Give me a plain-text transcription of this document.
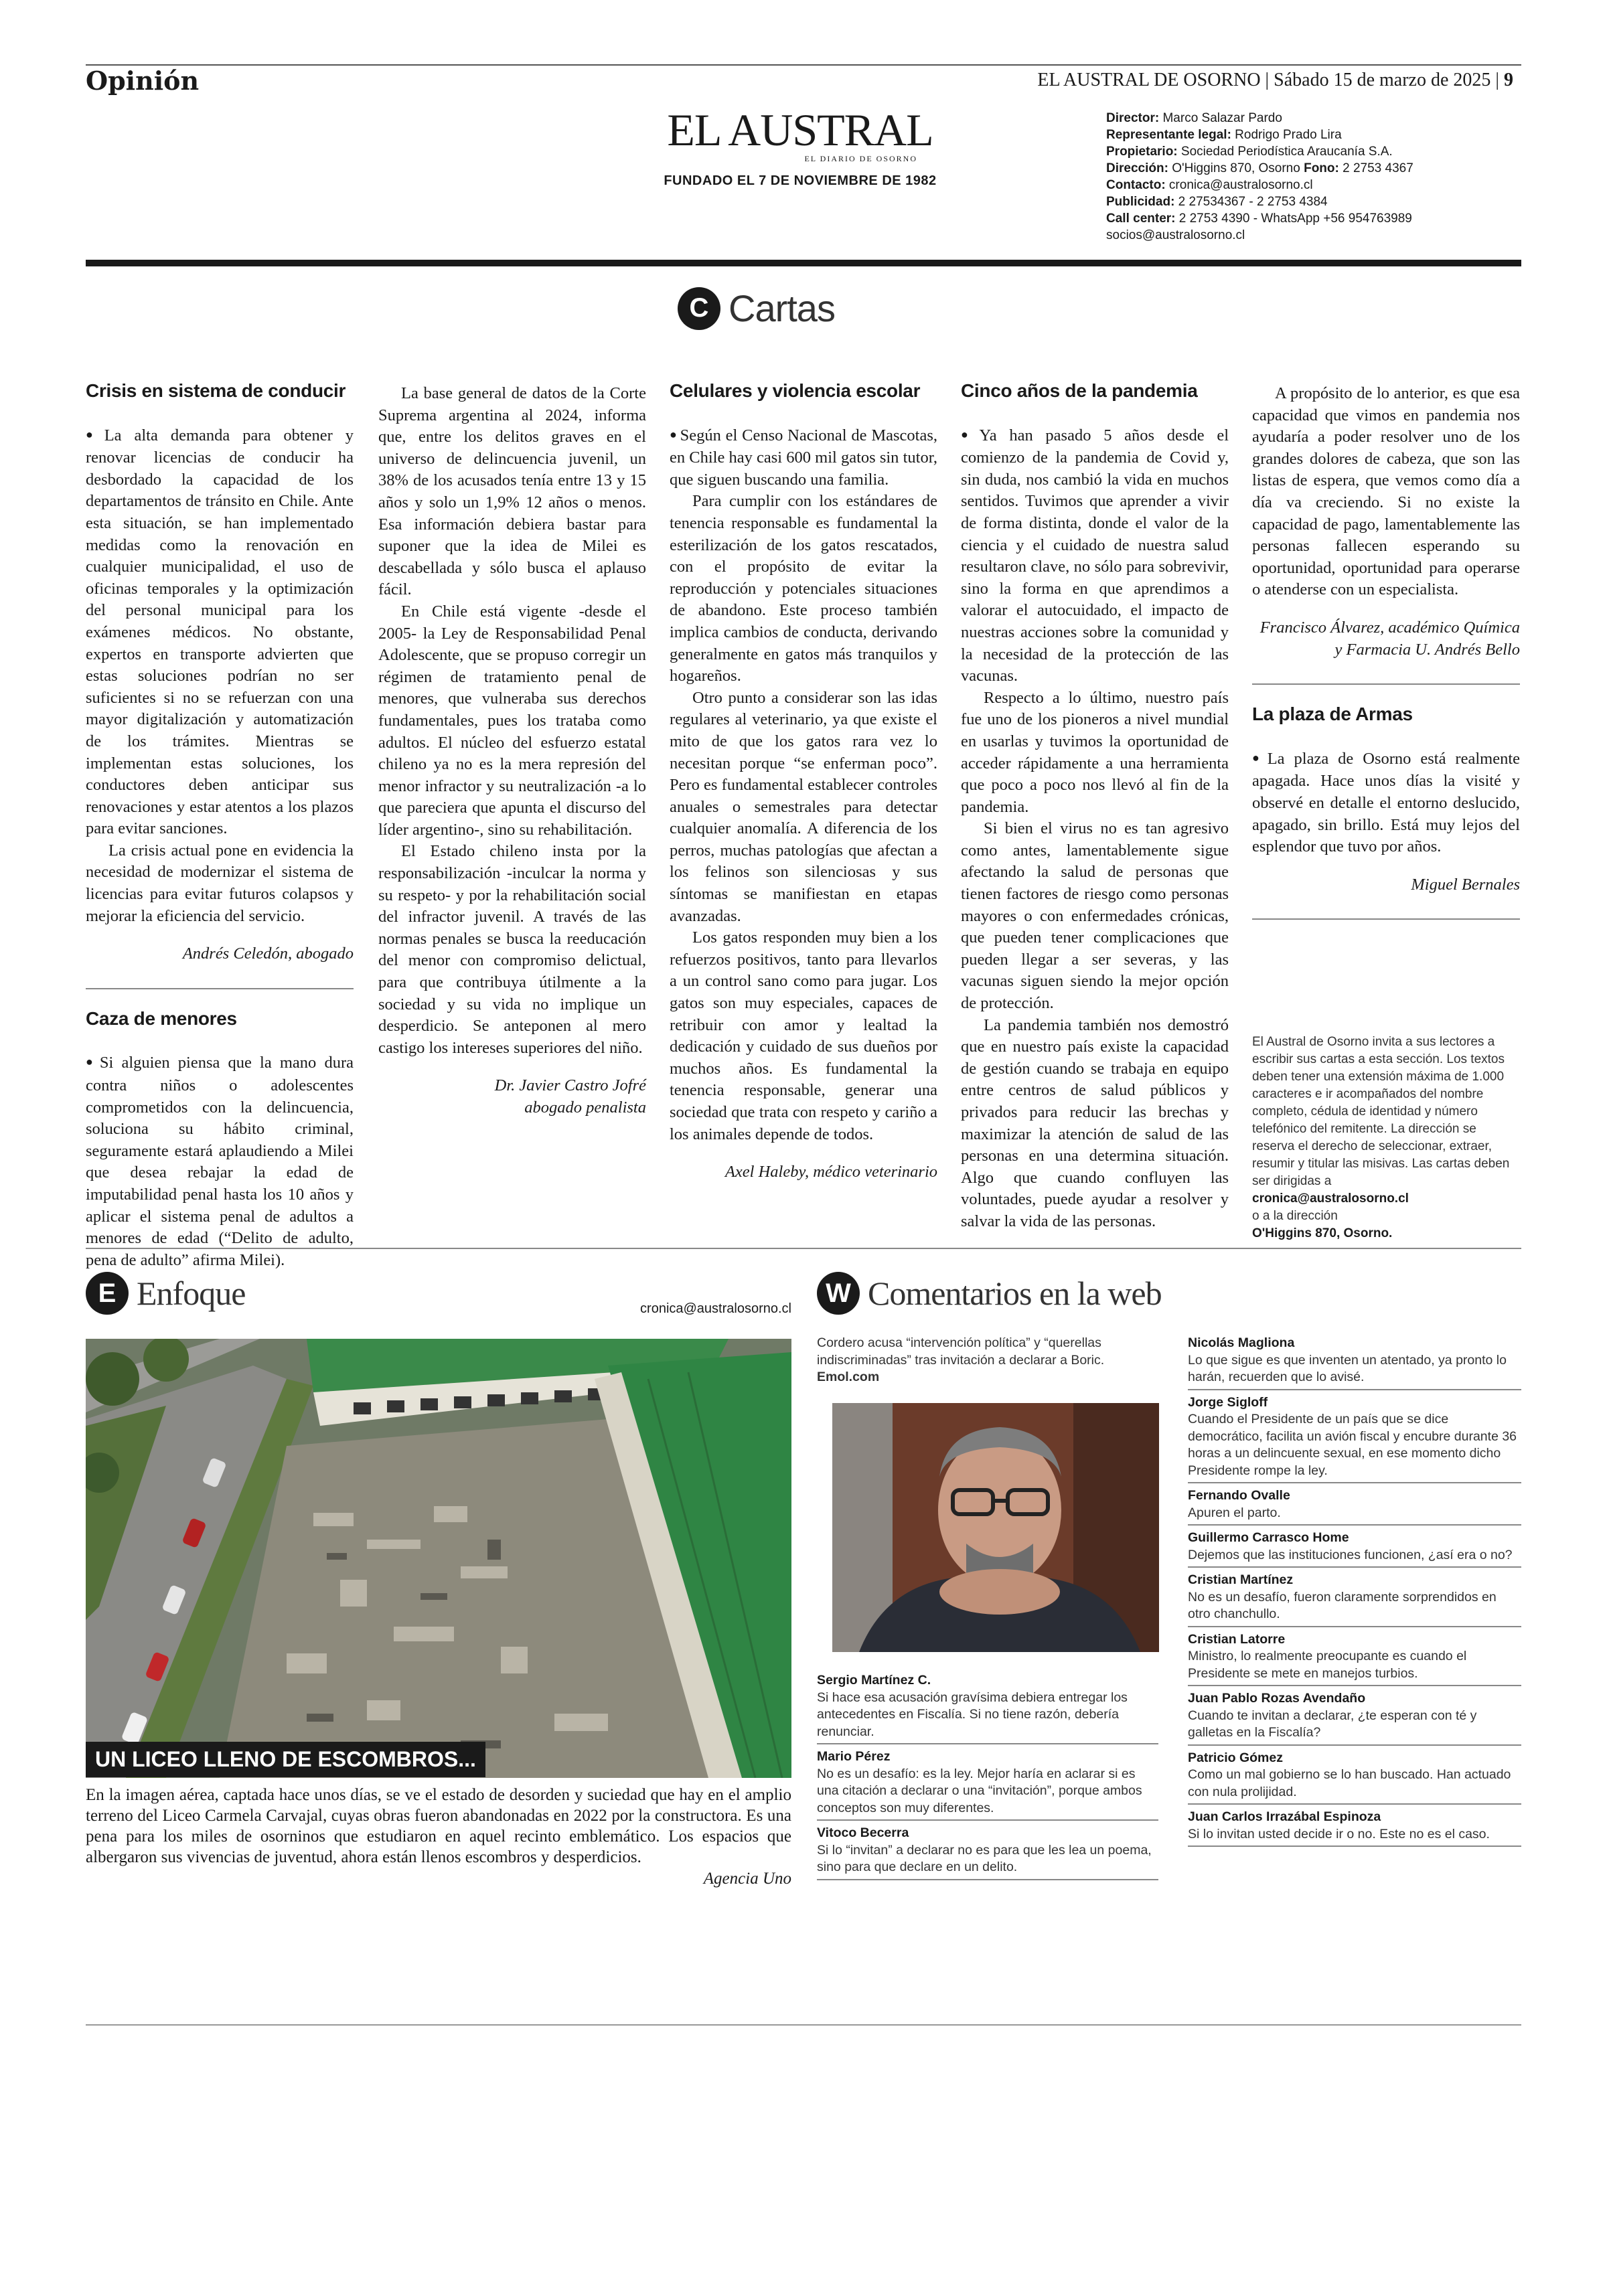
Opinión	EL AUSTRAL DE OSORNO | Sábado 15 de marzo de 2025 | 9
EL AUSTRAL
EL DIARIO DE OSORNO
FUNDADO EL 7 DE NOVIEMBRE DE 1982
Director: Marco Salazar Pardo
Representante legal: Rodrigo Prado Lira
Propietario: Sociedad Periodística Araucanía S.A.
Dirección: O'Higgins 870, Osorno Fono: 2 2753 4367
Contacto: cronica@australosorno.cl
Publicidad: 2 27534367 - 2 2753 4384
Call center: 2 2753 4390 - WhatsApp +56 954763989
socios@australosorno.cl
C Cartas
Crisis en sistema de conducir

● La alta demanda para obtener y renovar licencias de conducir ha desbordado la capacidad de los departamentos de tránsito en Chile. Ante esta situación, se han implementado medidas como la renovación en cualquier municipalidad, el uso de oficinas temporales y la optimización del personal municipal para los exámenes médicos. No obstante, expertos en transporte advierten que estas soluciones podrían no ser suficientes si no se refuerzan con una mayor digitalización y automatización de los trámites. Mientras se implementan estas soluciones, los conductores deben anticipar sus renovaciones y estar atentos a los plazos para evitar sanciones.

La crisis actual pone en evidencia la necesidad de modernizar el sistema de licencias para evitar futuros colapsos y mejorar la eficiencia del servicio.

Andrés Celedón, abogado

Caza de menores

● Si alguien piensa que la mano dura contra niños o adolescentes comprometidos con la delincuencia, soluciona su hábito criminal, seguramente estará aplaudiendo a Milei que desea rebajar la edad de imputabilidad penal hasta los 10 años y aplicar el sistema penal de adultos a menores de edad (“Delito de adulto, pena de adulto” afirma Milei).

La base general de datos de la Corte Suprema argentina al 2024, informa que, entre los delitos graves en el universo de delincuencia juvenil, un 38% de los acusados tenía entre 13 y 15 años y solo un 1,9% 12 años o menos. Esa información debiera bastar para suponer que la idea de Milei es descabellada y sólo busca el aplauso fácil.

En Chile está vigente -desde el 2005- la Ley de Responsabilidad Penal Adolescente, que se propuso corregir un régimen de tratamiento penal de menores, que vulneraba sus derechos fundamentales, pues los trataba como adultos. El núcleo del esfuerzo estatal chileno ya no es la mera represión del menor infractor y su neutralización -a lo que pareciera que apunta el discurso del líder argentino-, sino su rehabilitación.

El Estado chileno insta por la responsabilización -inculcar la norma y su respeto- y por la rehabilitación social del infractor juvenil. A través de las normas penales se busca la reeducación del menor con compromiso delictual, para que contribuya útilmente a la sociedad y su vida no implique un desperdicio. Se anteponen al mero castigo los intereses superiores del niño.

Dr. Javier Castro Jofré
abogado penalista

Celulares y violencia escolar

● Según el Censo Nacional de Mascotas, en Chile hay casi 600 mil gatos sin tutor, que siguen buscando una familia.

Para cumplir con los estándares de tenencia responsable es fundamental la esterilización de los gatos rescatados, con el propósito de evitar la reproducción y potenciales situaciones de abandono. Este proceso también implica cambios de conducta, derivando generalmente en gatos más tranquilos y hogareños.

Otro punto a considerar son las idas regulares al veterinario, ya que existe el mito de que los gatos rara vez lo necesitan porque “se enferman poco”. Pero es fundamental establecer controles anuales o semestrales para detectar cualquier anomalía. A diferencia de los perros, muchas patologías que afectan a los felinos son silenciosas y sus síntomas se manifiestan en etapas avanzadas.

Los gatos responden muy bien a los refuerzos positivos, tanto para llevarlos a un control sano como para jugar. Los gatos son muy especiales, capaces de retribuir con amor y lealtad la dedicación y cuidado de sus dueños por muchos años. Es fundamental la tenencia responsable, generar una sociedad que trata con respeto y cariño a los animales depende de todos.

Axel Haleby, médico veterinario

Cinco años de la pandemia

● Ya han pasado 5 años desde el comienzo de la pandemia de Covid y, sin duda, nos cambió la vida en muchos sentidos. Tuvimos que aprender a vivir de forma distinta, donde el valor de la ciencia y el cuidado de nuestra salud resultaron clave, no sólo para sobrevivir, sino la forma en que aprendimos a valorar el autocuidado, el impacto de nuestras acciones sobre la comunidad y la necesidad de la protección de las vacunas.

Respecto a lo último, nuestro país fue uno de los pioneros a nivel mundial en usarlas y tuvimos la oportunidad de acceder rápidamente a una herramienta que poco a poco nos llevó al fin de la pandemia.

Si bien el virus no es tan agresivo como antes, lamentablemente sigue afectando la salud de personas que tienen factores de riesgo como personas mayores o con enfermedades crónicas, que pueden tener complicaciones que pueden llegar a ser severas, y las vacunas siguen siendo la mejor opción de protección.

La pandemia también nos demostró que en nuestro país existe la capacidad de gestión cuando se trabaja en equipo entre centros de salud públicos y privados para reducir las brechas y maximizar la atención de salud de las personas en una determina situación. Algo que cuando confluyen las voluntades, puede ayudar a resolver y salvar la vida de las personas.

A propósito de lo anterior, es que esa capacidad que vimos en pandemia nos ayudaría a poder resolver uno de los grandes dolores de cabeza, que son las listas de espera, que vemos como día a día va creciendo. Si no existe la capacidad de pago, lamentablemente las personas fallecen esperando su oportunidad, oportunidad para operarse o atenderse con un especialista.

Francisco Álvarez, académico Química y Farmacia U. Andrés Bello

La plaza de Armas

● La plaza de Osorno está realmente apagada. Hace unos días la visité y observé en detalle el entorno deslucido, apagado, sin brillo. Está muy lejos del esplendor que tuvo por años.

Miguel Bernales

El Austral de Osorno invita a sus lectores a escribir sus cartas a esta sección. Los textos deben tener una extensión máxima de 1.000 caracteres e ir acompañados del nombre completo, cédula de identidad y número telefónico del remitente. La dirección se reserva el derecho de seleccionar, extraer, resumir y titular las misivas. Las cartas deben ser dirigidas a
cronica@australosorno.cl
o a la dirección
O'Higgins 870, Osorno.
E Enfoque	cronica@australosorno.cl
UN LICEO LLENO DE ESCOMBROS...
En la imagen aérea, captada hace unos días, se ve el estado de desorden y suciedad que hay en el amplio terreno del Liceo Carmela Carvajal, cuyas obras fueron abandonadas en 2022 por la constructora. Es una pena para los miles de osorninos que estudiaron en aquel recinto emblemático. Los espacios que albergaron sus vivencias de juventud, ahora están llenos escombros y desperdicios.
Agencia Uno
W Comentarios en la web
Cordero acusa “intervención política” y “querellas indiscriminadas” tras invitación a declarar a Boric. Emol.com
Sergio Martínez C.
Si hace esa acusación gravísima debiera entregar los antecedentes en Fiscalía. Si no tiene razón, debería renunciar.
Mario Pérez
No es un desafío: es la ley. Mejor haría en aclarar si es una citación a declarar o una “invitación”, porque ambos conceptos son muy diferentes.
Vitoco Becerra
Si lo “invitan” a declarar no es para que les lea un poema, sino para que declare en un delito.
Nicolás Magliona
Lo que sigue es que inventen un atentado, ya pronto lo harán, recuerden que lo avisé.
Jorge Sigloff
Cuando el Presidente de un país que se dice democrático, facilita un avión fiscal y encubre durante 36 horas a un delincuente sexual, en ese momento dicho Presidente rompe la ley.
Fernando Ovalle
Apuren el parto.
Guillermo Carrasco Home
Dejemos que las instituciones funcionen, ¿así era o no?
Cristian Martínez
No es un desafío, fueron claramente sorprendidos en otro chanchullo.
Cristian Latorre
Ministro, lo realmente preocupante es cuando el Presidente se mete en manejos turbios.
Juan Pablo Rozas Avendaño
Cuando te invitan a declarar, ¿te esperan con té y galletas en la Fiscalía?
Patricio Gómez
Como un mal gobierno se lo han buscado. Han actuado con nula prolijidad.
Juan Carlos Irrazábal Espinoza
Si lo invitan usted decide ir o no. Este no es el caso.
